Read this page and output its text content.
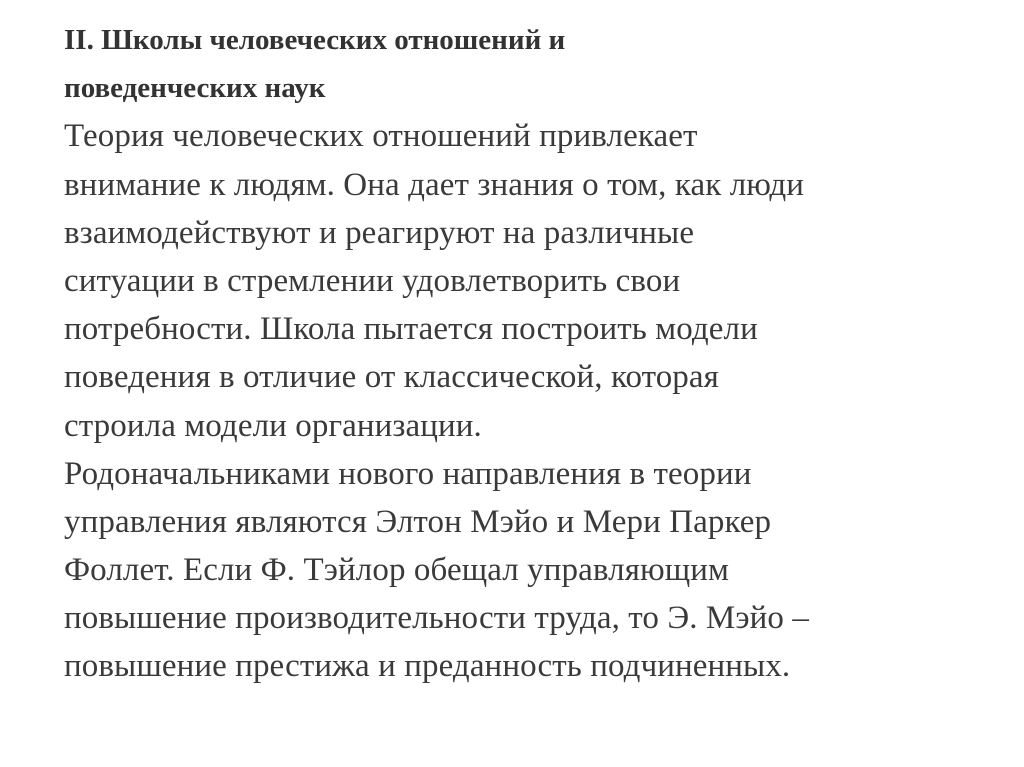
II. Школы человеческих отношений и
поведенческих наук
Теория человеческих отношений привлекает
внимание к людям. Она дает знания о том, как люди
взаимодействуют и реагируют на различные
ситуации в стремлении удовлетворить свои
потребности. Школа пытается построить модели
поведения в отличие от классической, которая
строила модели организации.
Родоначальниками нового направления в теории
управления являются Элтон Мэйо и Мери Паркер
Фоллет. Если Ф. Тэйлор обещал управляющим
повышение производительности труда, то Э. Мэйо –
повышение престижа и преданность подчиненных.
